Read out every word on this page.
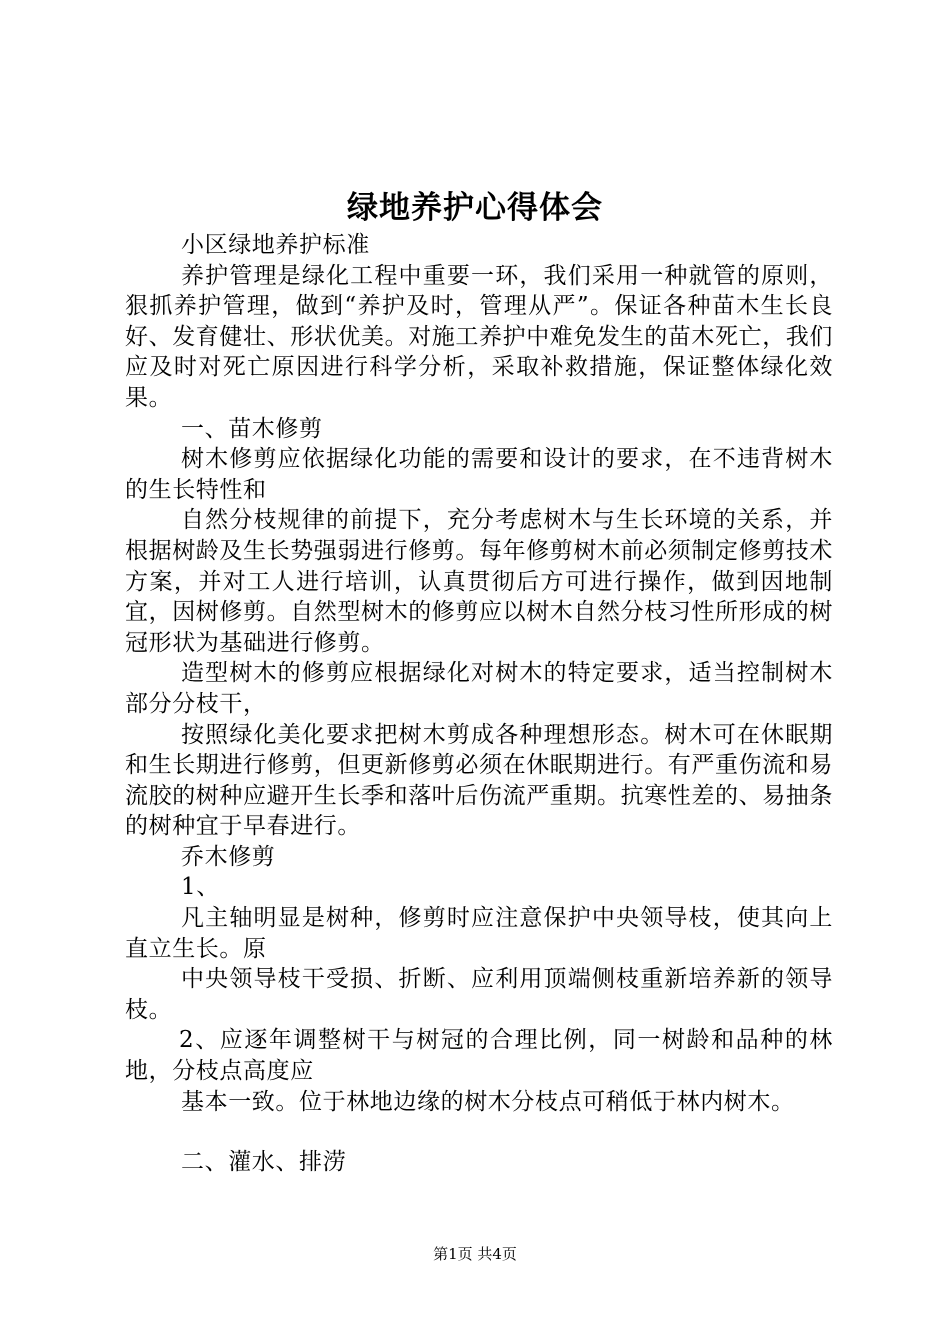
绿地养护心得体会

小区绿地养护标准

养护管理是绿化工程中重要一环，我们采用一种就管的原则，狠抓养护管理，做到“养护及时，管理从严”。保证各种苗木生长良好、发育健壮、形状优美。对施工养护中难免发生的苗木死亡，我们应及时对死亡原因进行科学分析，采取补救措施，保证整体绿化效果。

一、苗木修剪

树木修剪应依据绿化功能的需要和设计的要求，在不违背树木的生长特性和

自然分枝规律的前提下，充分考虑树木与生长环境的关系，并根据树龄及生长势强弱进行修剪。每年修剪树木前必须制定修剪技术方案，并对工人进行培训，认真贯彻后方可进行操作，做到因地制宜，因树修剪。自然型树木的修剪应以树木自然分枝习性所形成的树冠形状为基础进行修剪。

造型树木的修剪应根据绿化对树木的特定要求，适当控制树木部分分枝干，

按照绿化美化要求把树木剪成各种理想形态。树木可在休眠期和生长期进行修剪，但更新修剪必须在休眠期进行。有严重伤流和易流胶的树种应避开生长季和落叶后伤流严重期。抗寒性差的、易抽条的树种宜于早春进行。

乔木修剪

1、

凡主轴明显是树种，修剪时应注意保护中央领导枝，使其向上直立生长。原

中央领导枝干受损、折断、应利用顶端侧枝重新培养新的领导枝。

2、应逐年调整树干与树冠的合理比例，同一树龄和品种的林地，分枝点高度应

基本一致。位于林地边缘的树木分枝点可稍低于林内树木。

二、灌水、排涝

第1页 共4页
